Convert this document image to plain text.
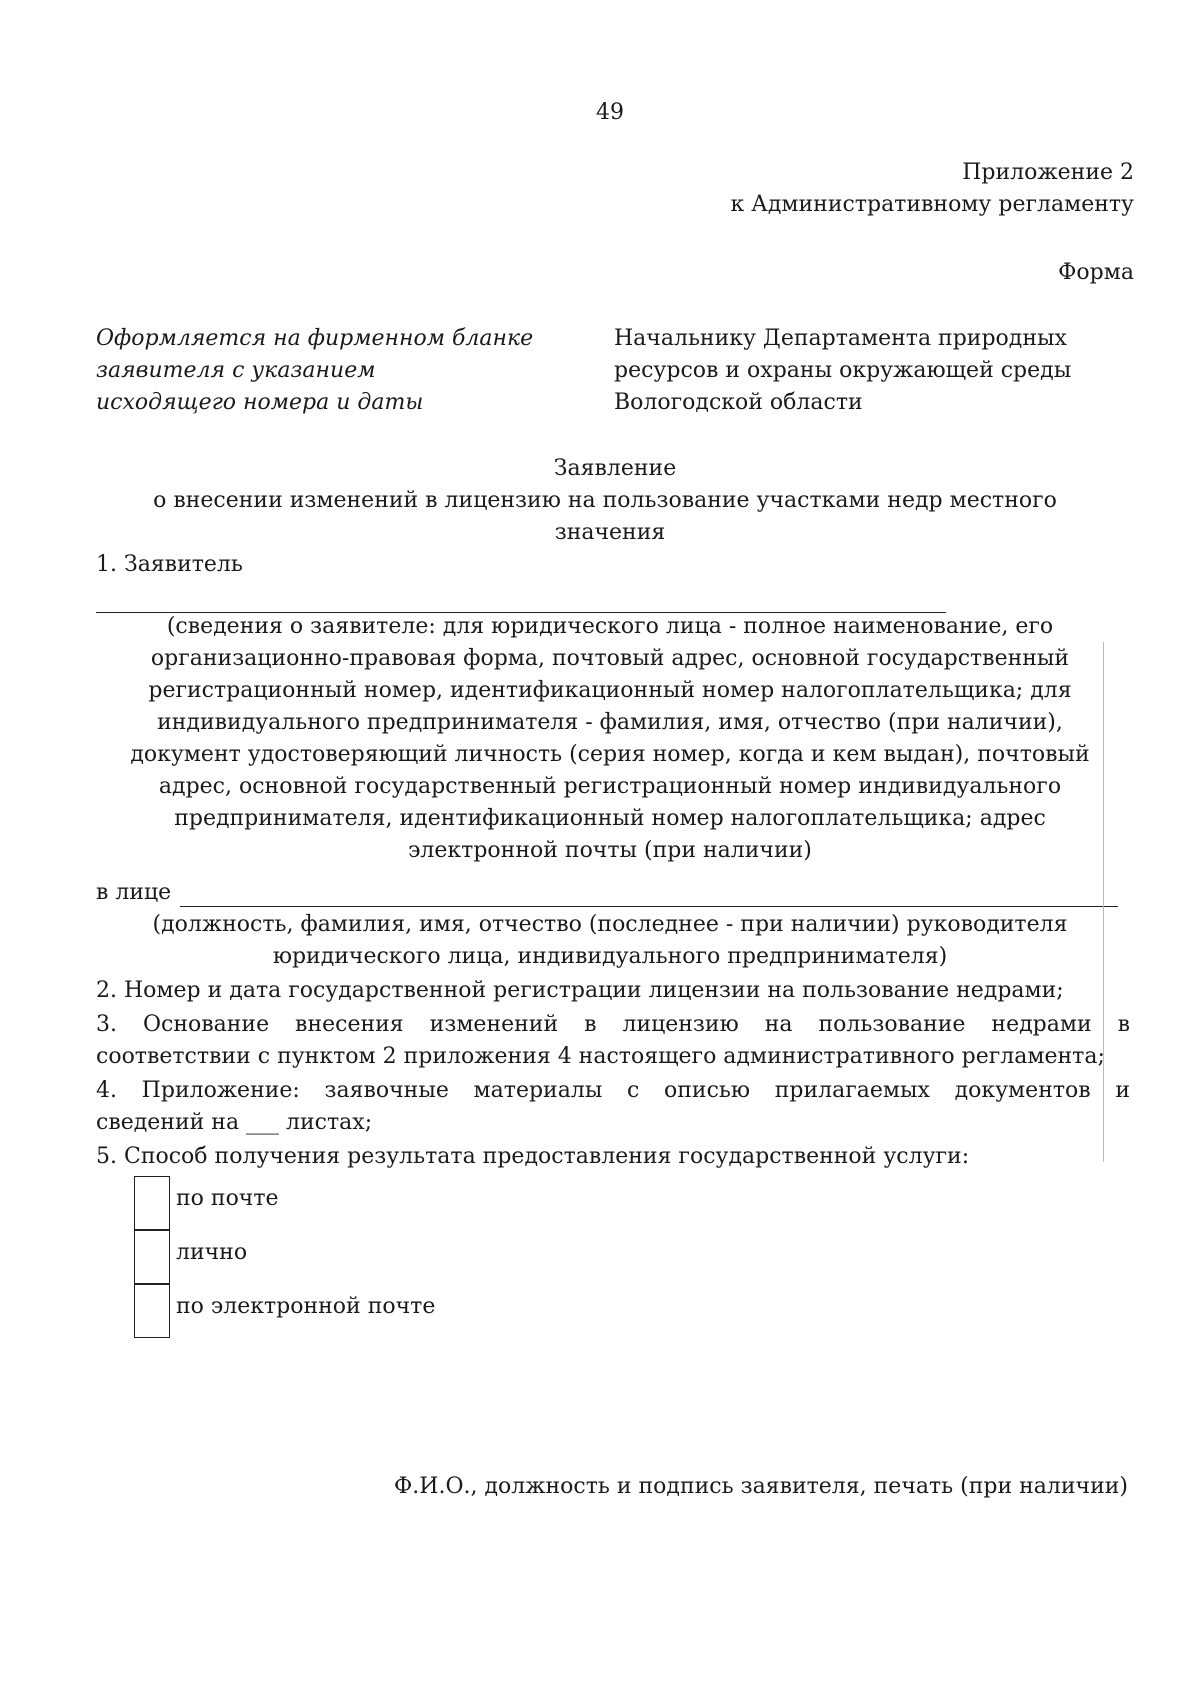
49
Приложение 2
к Административному регламенту
Форма
Оформляется на фирменном бланке
заявителя с указанием
исходящего номера и даты
Начальнику Департамента природных
ресурсов и охраны окружающей среды
Вологодской области
Заявление
о внесении изменений в лицензию на пользование участками недр местного
значения
1. Заявитель
(сведения о заявителе: для юридического лица - полное наименование, его
организационно-правовая форма, почтовый адрес, основной государственный
регистрационный номер, идентификационный номер налогоплательщика; для
индивидуального предпринимателя - фамилия, имя, отчество (при наличии),
документ удостоверяющий личность (серия номер, когда и кем выдан), почтовый
адрес, основной государственный регистрационный номер индивидуального
предпринимателя, идентификационный номер налогоплательщика; адрес
электронной почты (при наличии)
в лице
(должность, фамилия, имя, отчество (последнее - при наличии) руководителя
юридического лица, индивидуального предпринимателя)
2. Номер и дата государственной регистрации лицензии на пользование недрами;
3. Основание внесения изменений в лицензию на пользование недрами в
соответствии с пунктом 2 приложения 4 настоящего административного регламента;
4. Приложение: заявочные материалы с описью прилагаемых документов и
сведений на ___ листах;
5. Способ получения результата предоставления государственной услуги:
по почте
лично
по электронной почте
Ф.И.О., должность и подпись заявителя, печать (при наличии)
